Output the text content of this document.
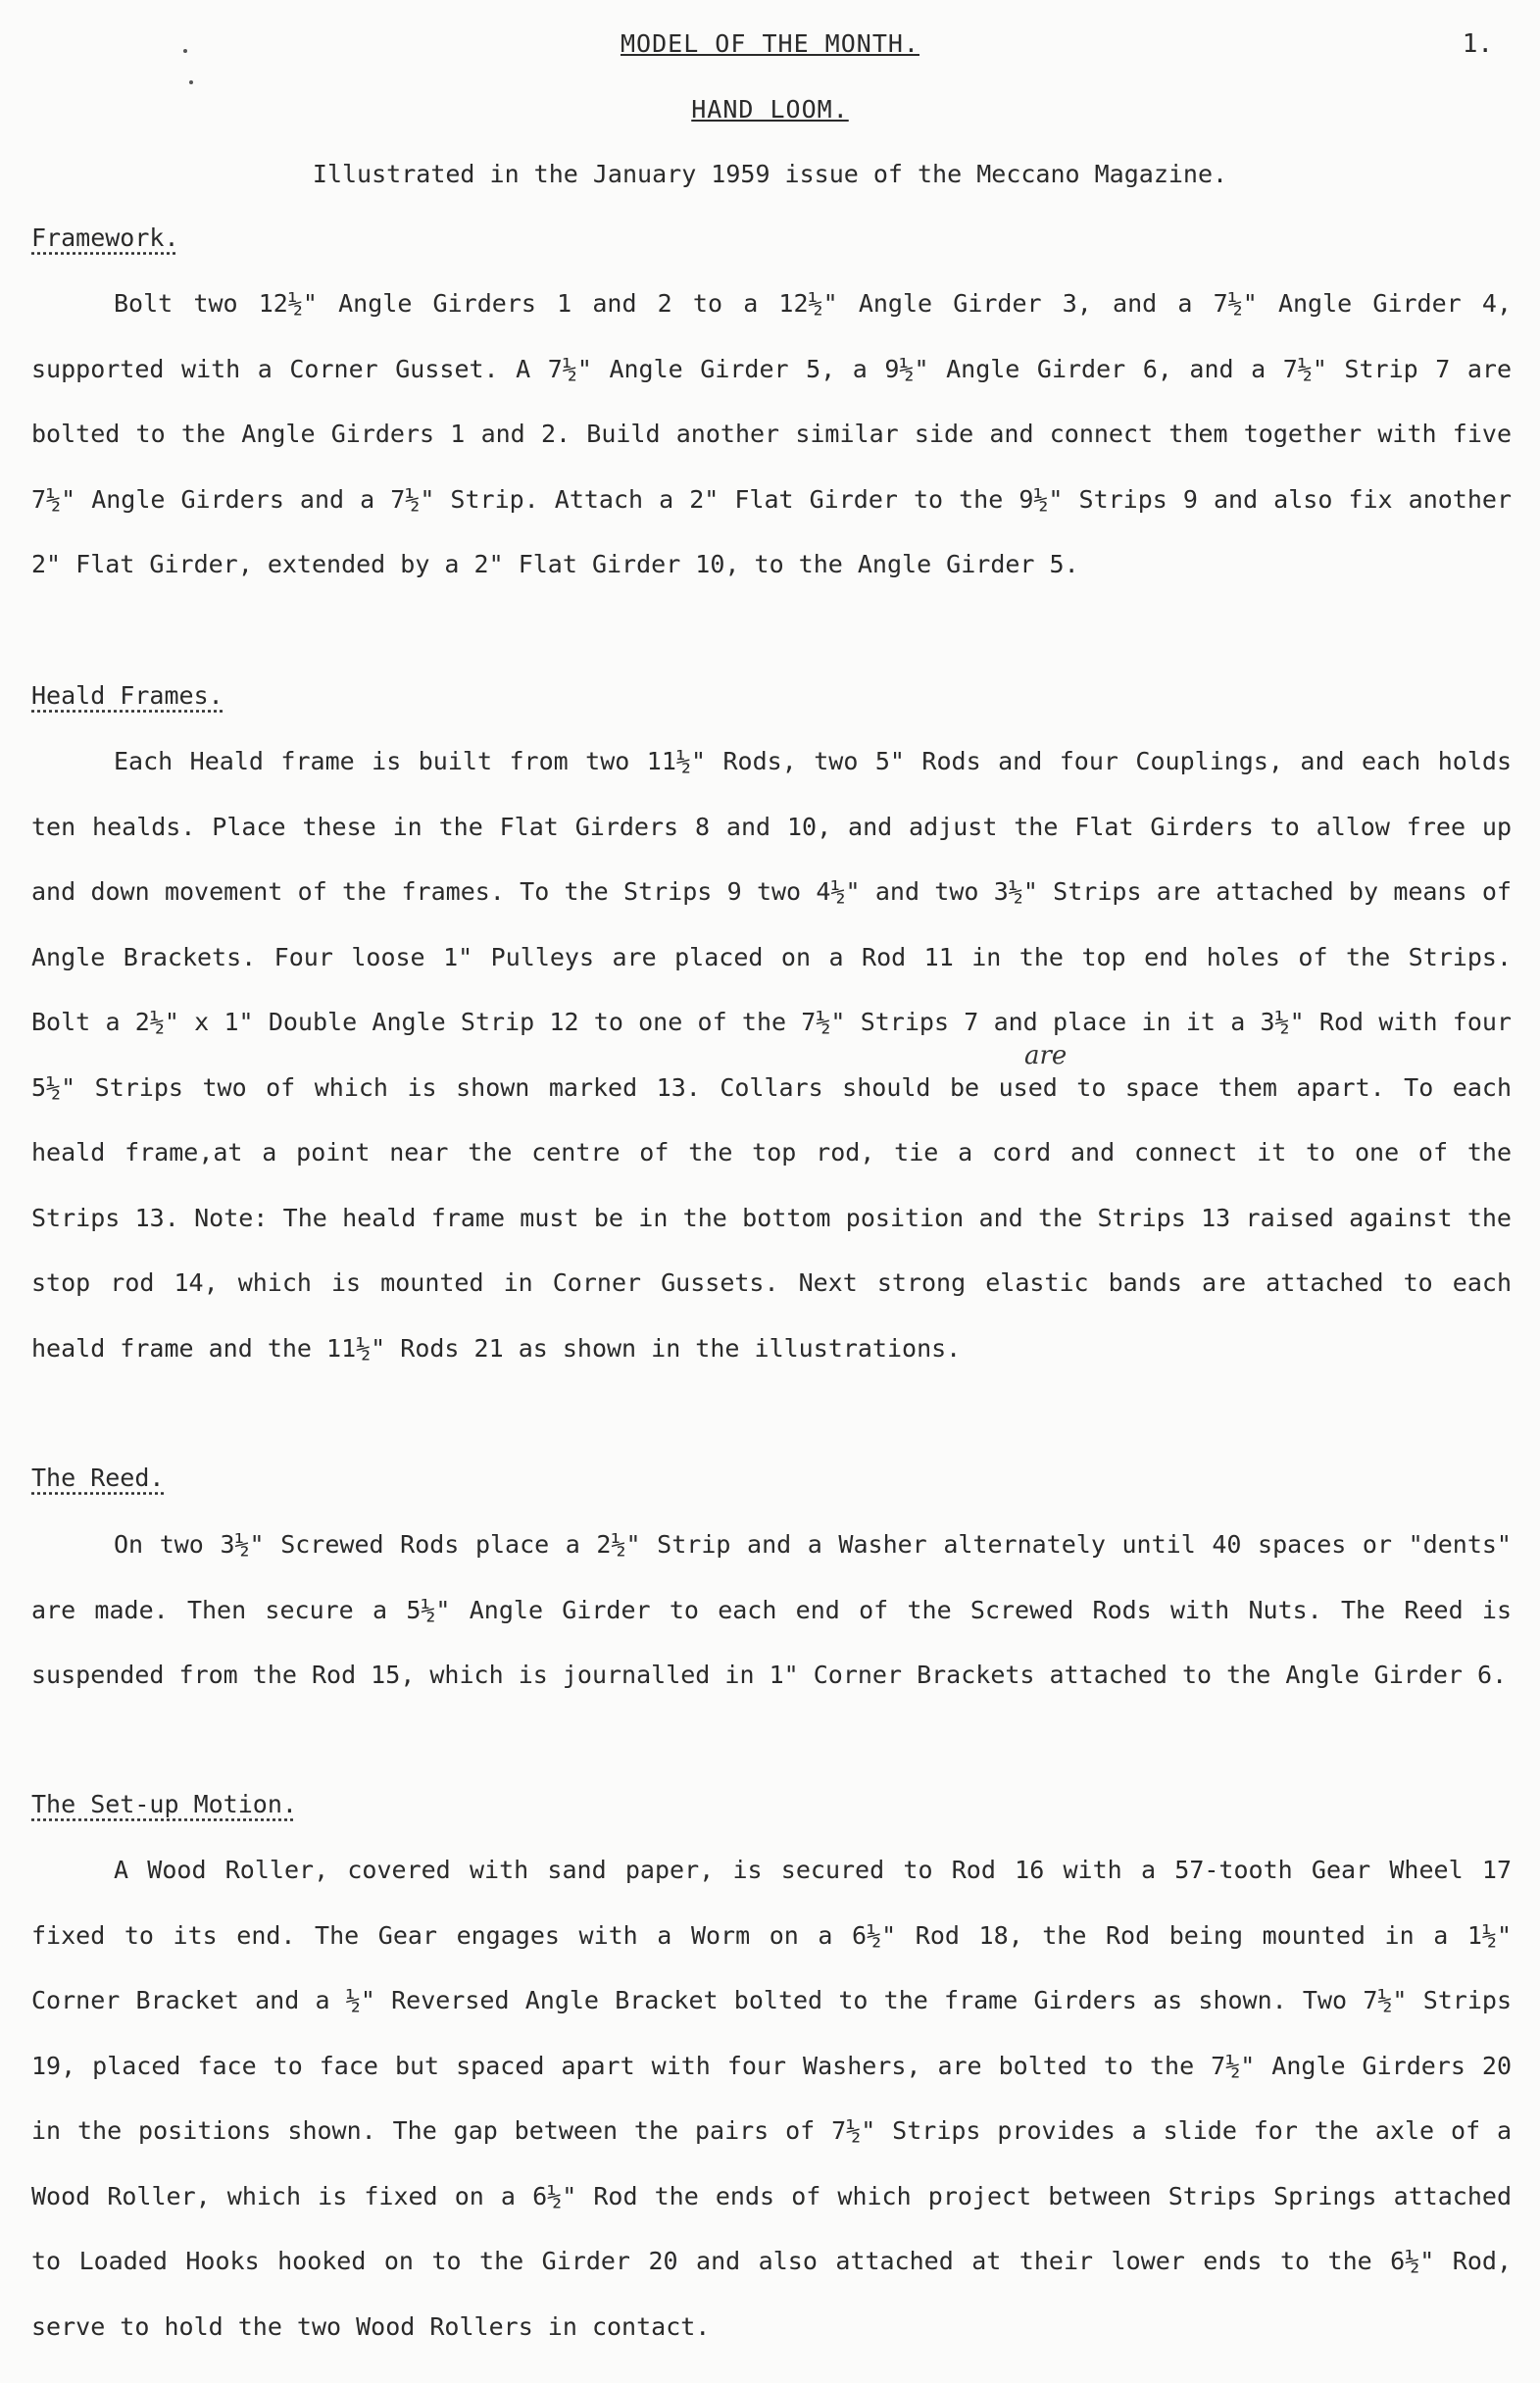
MODEL OF THE MONTH.	1.
HAND LOOM.
Illustrated in the January 1959 issue of the Meccano Magazine.
Framework.

Bolt two 12½" Angle Girders 1 and 2 to a 12½" Angle Girder 3, and a 7½" Angle Girder 4, supported with a Corner Gusset. A 7½" Angle Girder 5, a 9½" Angle Girder 6, and a 7½" Strip 7 are bolted to the Angle Girders 1 and 2. Build another similar side and connect them together with five 7½" Angle Girders and a 7½" Strip. Attach a 2" Flat Girder to the 9½" Strips 9 and also fix another 2" Flat Girder, extended by a 2" Flat Girder 10, to the Angle Girder 5.

Heald Frames.

Each Heald frame is built from two 11½" Rods, two 5" Rods and four Couplings, and each holds ten healds. Place these in the Flat Girders 8 and 10, and adjust the Flat Girders to allow free up and down movement of the frames. To the Strips 9 two 4½" and two 3½" Strips are attached by means of Angle Brackets. Four loose 1" Pulleys are placed on a Rod 11 in the top end holes of the Strips. Bolt a 2½" x 1" Double Angle Strip 12 to one of the 7½" Strips 7 and place in it a 3½" Rod with four 5½" Strips two of which is shown marked 13. Collars should be used to space them apart. To each heald frame,at a point near the centre of the top rod, tie a cord and connect it to one of the Strips 13. Note: The heald frame must be in the bottom position and the Strips 13 raised against the stop rod 14, which is mounted in Corner Gussets. Next strong elastic bands are attached to each heald frame and the 11½" Rods 21 as shown in the illustrations.

are
The Reed.

On two 3½" Screwed Rods place a 2½" Strip and a Washer alternately until 40 spaces or "dents" are made. Then secure a 5½" Angle Girder to each end of the Screwed Rods with Nuts. The Reed is suspended from the Rod 15, which is journalled in 1" Corner Brackets attached to the Angle Girder 6.

The Set-up Motion.

A Wood Roller, covered with sand paper, is secured to Rod 16 with a 57-tooth Gear Wheel 17 fixed to its end. The Gear engages with a Worm on a 6½" Rod 18, the Rod being mounted in a 1½" Corner Bracket and a ½" Reversed Angle Bracket bolted to the frame Girders as shown. Two 7½" Strips 19, placed face to face but spaced apart with four Washers, are bolted to the 7½" Angle Girders 20 in the positions shown. The gap between the pairs of 7½" Strips provides a slide for the axle of a Wood Roller, which is fixed on a 6½" Rod the ends of which project between Strips Springs attached to Loaded Hooks hooked on to the Girder 20 and also attached at their lower ends to the 6½" Rod, serve to hold the two Wood Rollers in contact.
